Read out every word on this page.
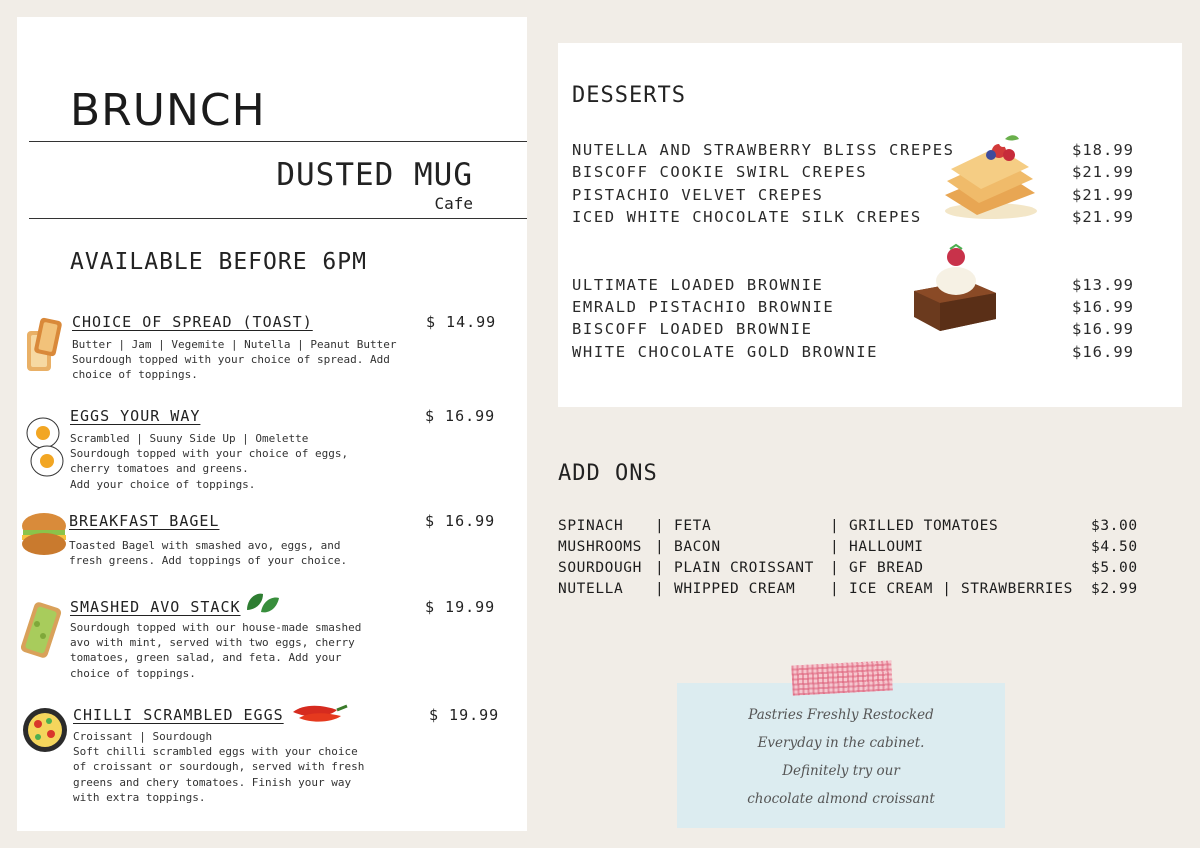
BRUNCH
DUSTED MUG
Cafe
AVAILABLE BEFORE 6PM
CHOICE OF SPREAD (TOAST)	$ 14.99
Butter | Jam | Vegemite | Nutella | Peanut Butter
Sourdough topped with your choice of spread. Add
choice of toppings.
EGGS YOUR WAY	$ 16.99
Scrambled | Suuny Side Up | Omelette
Sourdough topped with your choice of eggs,
cherry tomatoes and greens.
Add your choice of toppings.
BREAKFAST BAGEL	$ 16.99
Toasted Bagel with smashed avo, eggs, and
fresh greens. Add toppings of your choice.
SMASHED AVO STACK	$ 19.99
Sourdough topped with our house-made smashed
avo with mint, served with two eggs, cherry
tomatoes, green salad, and feta. Add your
choice of toppings.
CHILLI SCRAMBLED EGGS	$ 19.99
Croissant | Sourdough
Soft chilli scrambled eggs with your choice
of croissant or sourdough, served with fresh
greens and chery tomatoes. Finish your way
with extra toppings.
DESSERTS
NUTELLA AND STRAWBERRY BLISS CREPES	$18.99
BISCOFF COOKIE SWIRL CREPES	$21.99
PISTACHIO VELVET CREPES	$21.99
ICED WHITE CHOCOLATE SILK CREPES	$21.99
ULTIMATE LOADED BROWNIE	$13.99
EMRALD PISTACHIO BROWNIE	$16.99
BISCOFF LOADED BROWNIE	$16.99
WHITE CHOCOLATE GOLD BROWNIE	$16.99
ADD ONS
SPINACH | FETA	| GRILLED TOMATOES	$3.00
MUSHROOMS | BACON	| HALLOUMI	$4.50
SOURDOUGH | PLAIN CROISSANT | GF BREAD	$5.00
NUTELLA | WHIPPED CREAM | ICE CREAM | STRAWBERRIES $2.99
Pastries Freshly Restocked
Everyday in the cabinet.
Definitely try our
chocolate almond croissant
